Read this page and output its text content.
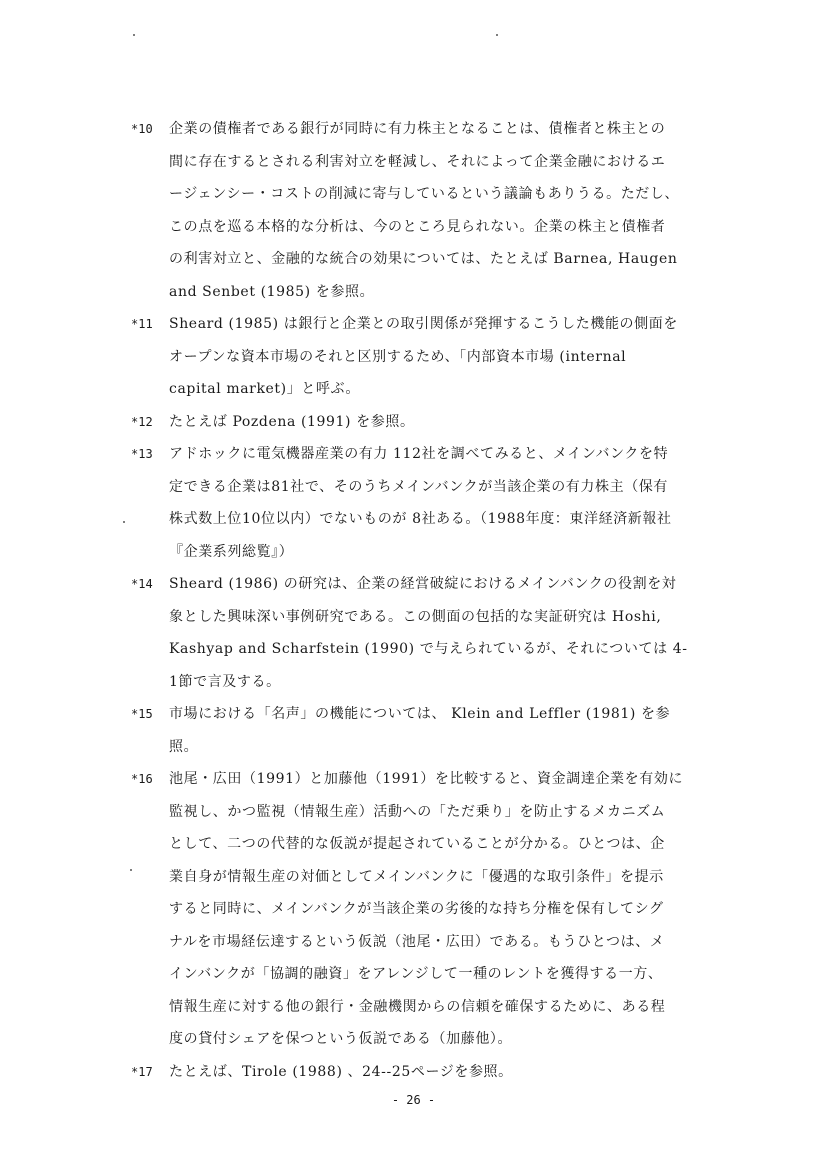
*10	企業の債権者である銀行が同時に有力株主となることは、債権者と株主との
間に存在するとされる利害対立を軽減し、それによって企業金融におけるエ
ージェンシー・コストの削減に寄与しているという議論もありうる。ただし、
この点を巡る本格的な分析は、今のところ見られない。企業の株主と債権者
の利害対立と、金融的な統合の効果については、たとえば Barnea, Haugen
and Senbet (1985) を参照。
*11	Sheard (1985) は銀行と企業との取引関係が発揮するこうした機能の側面を
オープンな資本市場のそれと区別するため、「内部資本市場 (internal
capital market)」と呼ぶ。
*12	たとえば Pozdena (1991) を参照。
*13	アドホックに電気機器産業の有力 112社を調べてみると、メインバンクを特
定できる企業は81社で、そのうちメインバンクが当該企業の有力株主（保有
株式数上位10位以内）でないものが 8社ある。（1988年度：東洋経済新報社
『企業系列総覧』）
*14	Sheard (1986) の研究は、企業の経営破綻におけるメインバンクの役割を対
象とした興味深い事例研究である。この側面の包括的な実証研究は Hoshi,
Kashyap and Scharfstein (1990) で与えられているが、それについては 4-
1節で言及する。
*15	市場における「名声」の機能については、 Klein and Leffler (1981) を参
照。
*16	池尾・広田（1991）と加藤他（1991）を比較すると、資金調達企業を有効に
監視し、かつ監視（情報生産）活動への「ただ乗り」を防止するメカニズム
として、二つの代替的な仮説が提起されていることが分かる。ひとつは、企
業自身が情報生産の対価としてメインバンクに「優遇的な取引条件」を提示
すると同時に、メインバンクが当該企業の劣後的な持ち分権を保有してシグ
ナルを市場経伝達するという仮説（池尾・広田）である。もうひとつは、メ
インバンクが「協調的融資」をアレンジして一種のレントを獲得する一方、
情報生産に対する他の銀行・金融機関からの信頼を確保するために、ある程
度の貸付シェアを保つという仮説である（加藤他）。
*17	たとえば、Tirole (1988) 、24--25ページを参照。
- 26 -
